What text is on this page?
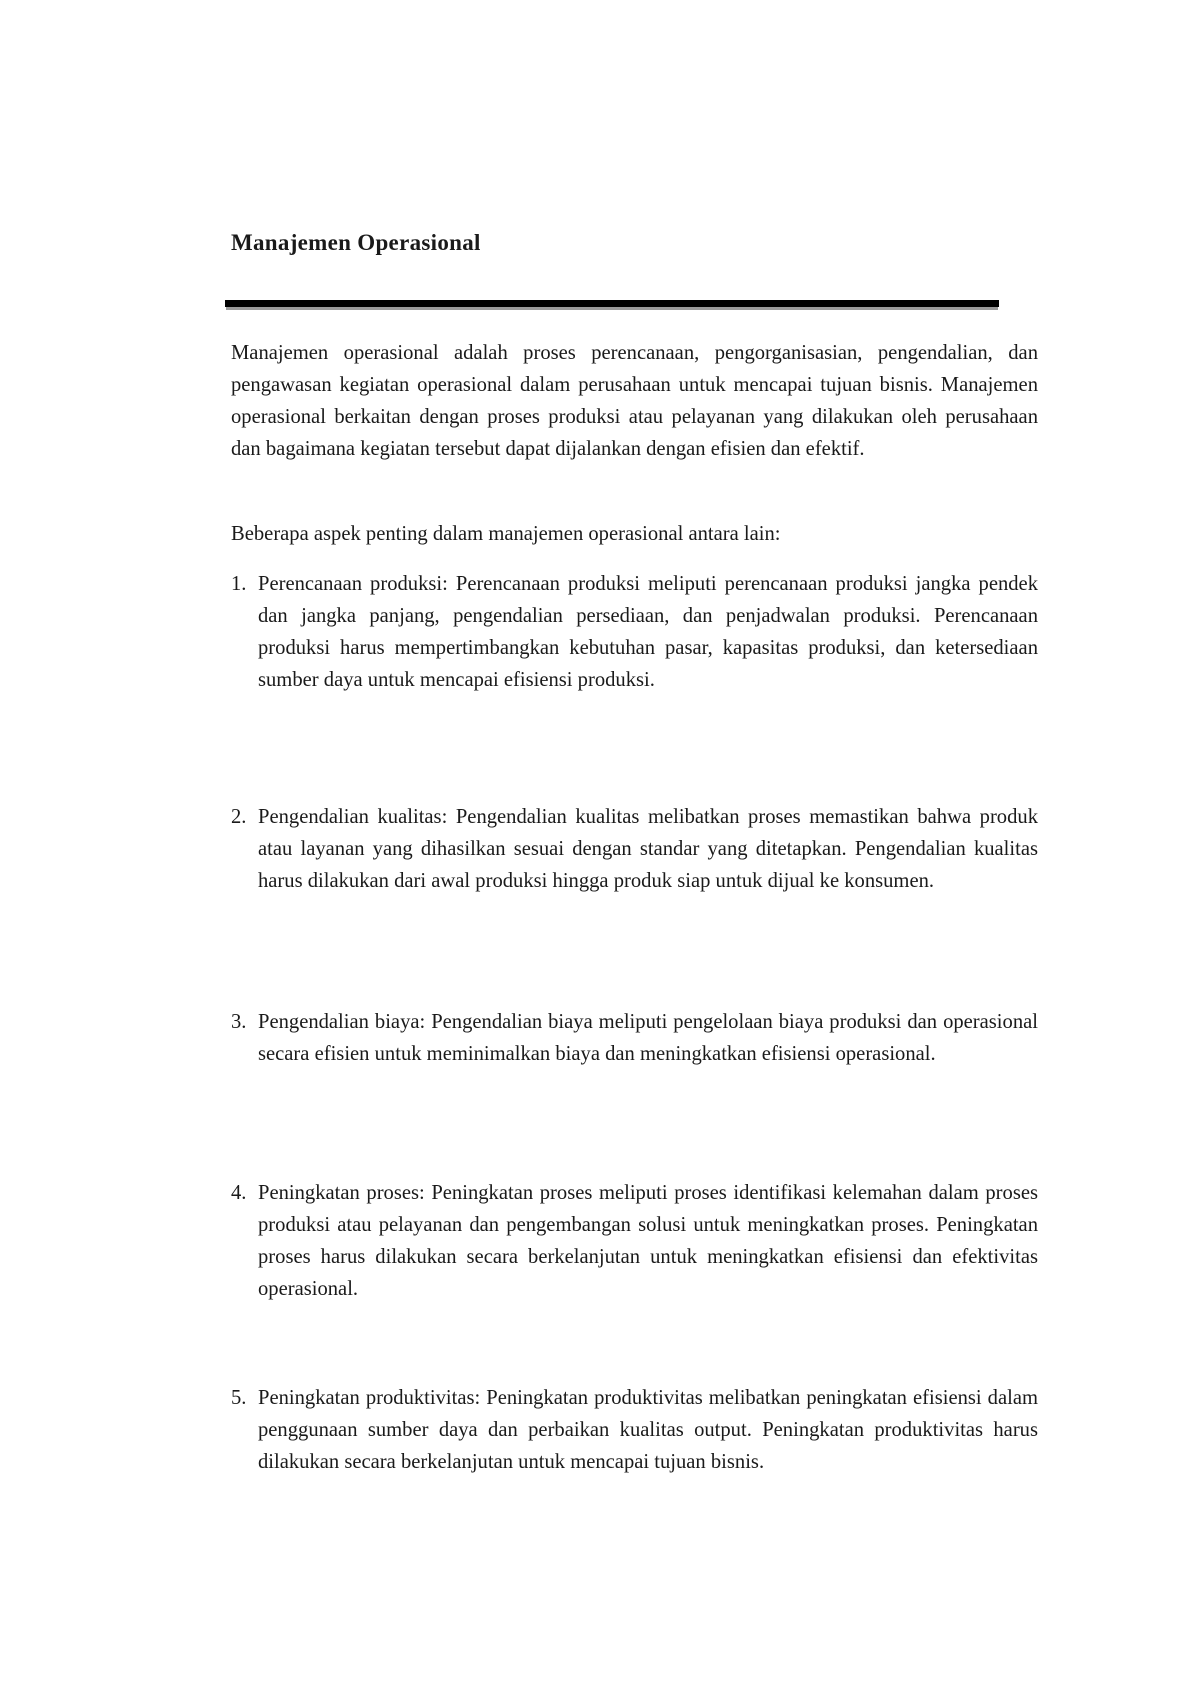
Manajemen Operasional

Manajemen operasional adalah proses perencanaan, pengorganisasian, pengendalian, dan pengawasan kegiatan operasional dalam perusahaan untuk mencapai tujuan bisnis. Manajemen operasional berkaitan dengan proses produksi atau pelayanan yang dilakukan oleh perusahaan dan bagaimana kegiatan tersebut dapat dijalankan dengan efisien dan efektif.

Beberapa aspek penting dalam manajemen operasional antara lain:

1. Perencanaan produksi: Perencanaan produksi meliputi perencanaan produksi jangka pendek dan jangka panjang, pengendalian persediaan, dan penjadwalan produksi. Perencanaan produksi harus mempertimbangkan kebutuhan pasar, kapasitas produksi, dan ketersediaan sumber daya untuk mencapai efisiensi produksi.

2. Pengendalian kualitas: Pengendalian kualitas melibatkan proses memastikan bahwa produk atau layanan yang dihasilkan sesuai dengan standar yang ditetapkan. Pengendalian kualitas harus dilakukan dari awal produksi hingga produk siap untuk dijual ke konsumen.

3. Pengendalian biaya: Pengendalian biaya meliputi pengelolaan biaya produksi dan operasional secara efisien untuk meminimalkan biaya dan meningkatkan efisiensi operasional.

4. Peningkatan proses: Peningkatan proses meliputi proses identifikasi kelemahan dalam proses produksi atau pelayanan dan pengembangan solusi untuk meningkatkan proses. Peningkatan proses harus dilakukan secara berkelanjutan untuk meningkatkan efisiensi dan efektivitas operasional.

5. Peningkatan produktivitas: Peningkatan produktivitas melibatkan peningkatan efisiensi dalam penggunaan sumber daya dan perbaikan kualitas output. Peningkatan produktivitas harus dilakukan secara berkelanjutan untuk mencapai tujuan bisnis.
